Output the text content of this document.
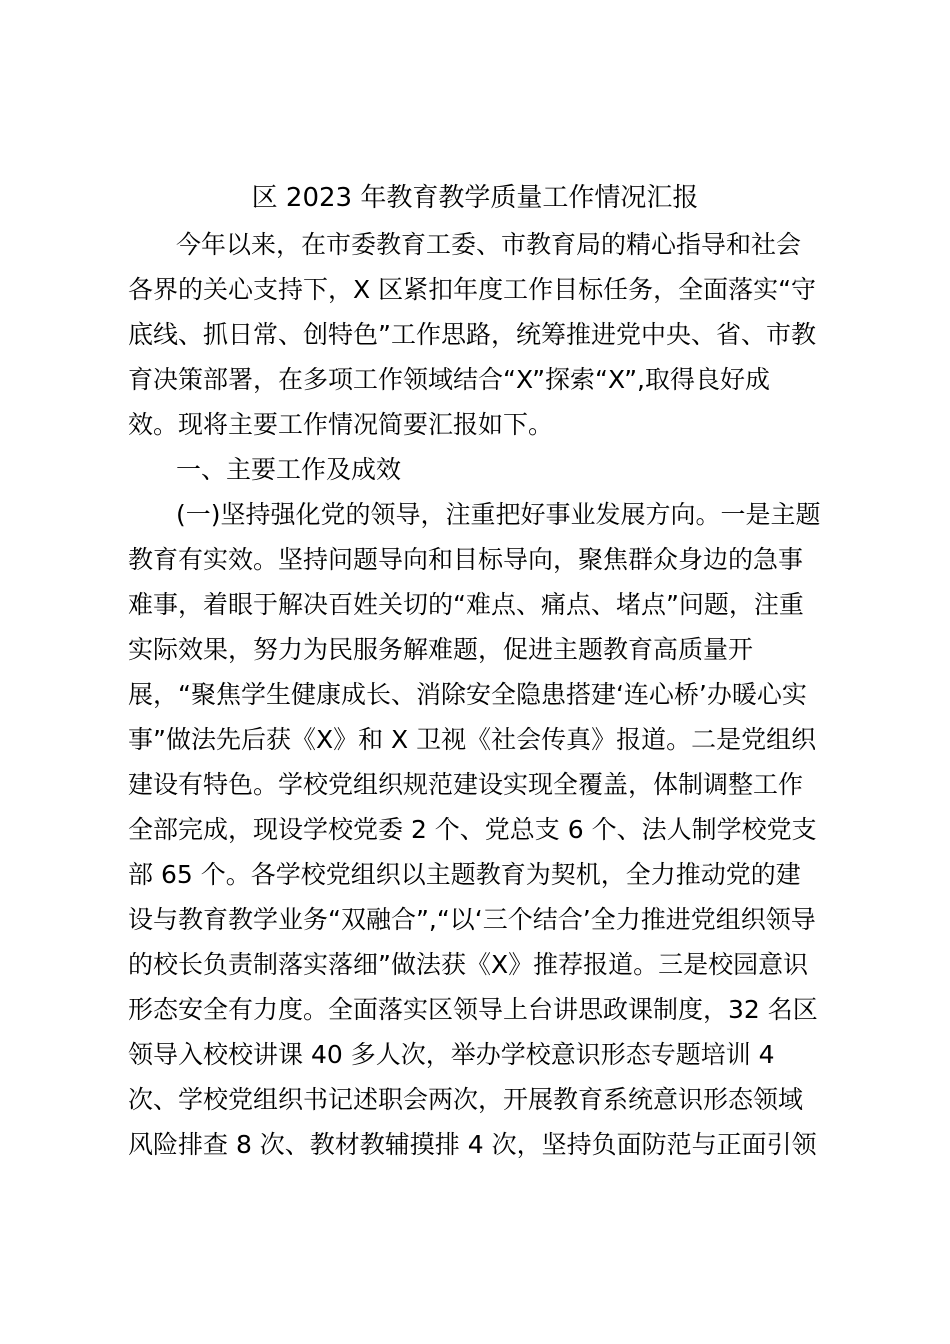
区 2023 年教育教学质量工作情况汇报
今年以来，在市委教育工委、市教育局的精心指导和社会
各界的关心支持下，X 区紧扣年度工作目标任务，全面落实“守
底线、抓日常、创特色”工作思路，统筹推进党中央、省、市教
育决策部署，在多项工作领域结合“X”探索“X”,取得良好成
效。现将主要工作情况简要汇报如下。
一、主要工作及成效
(一)坚持强化党的领导，注重把好事业发展方向。一是主题
教育有实效。坚持问题导向和目标导向，聚焦群众身边的急事
难事，着眼于解决百姓关切的“难点、痛点、堵点”问题，注重
实际效果，努力为民服务解难题，促进主题教育高质量开
展，“聚焦学生健康成长、消除安全隐患搭建‘连心桥’办暖心实
事”做法先后获《X》和 X 卫视《社会传真》报道。二是党组织
建设有特色。学校党组织规范建设实现全覆盖，体制调整工作
全部完成，现设学校党委 2 个、党总支 6 个、法人制学校党支
部 65 个。各学校党组织以主题教育为契机，全力推动党的建
设与教育教学业务“双融合”,“以‘三个结合’全力推进党组织领导
的校长负责制落实落细”做法获《X》推荐报道。三是校园意识
形态安全有力度。全面落实区领导上台讲思政课制度，32 名区
领导入校校讲课 40 多人次，举办学校意识形态专题培训 4
次、学校党组织书记述职会两次，开展教育系统意识形态领域
风险排查 8 次、教材教辅摸排 4 次，坚持负面防范与正面引领
